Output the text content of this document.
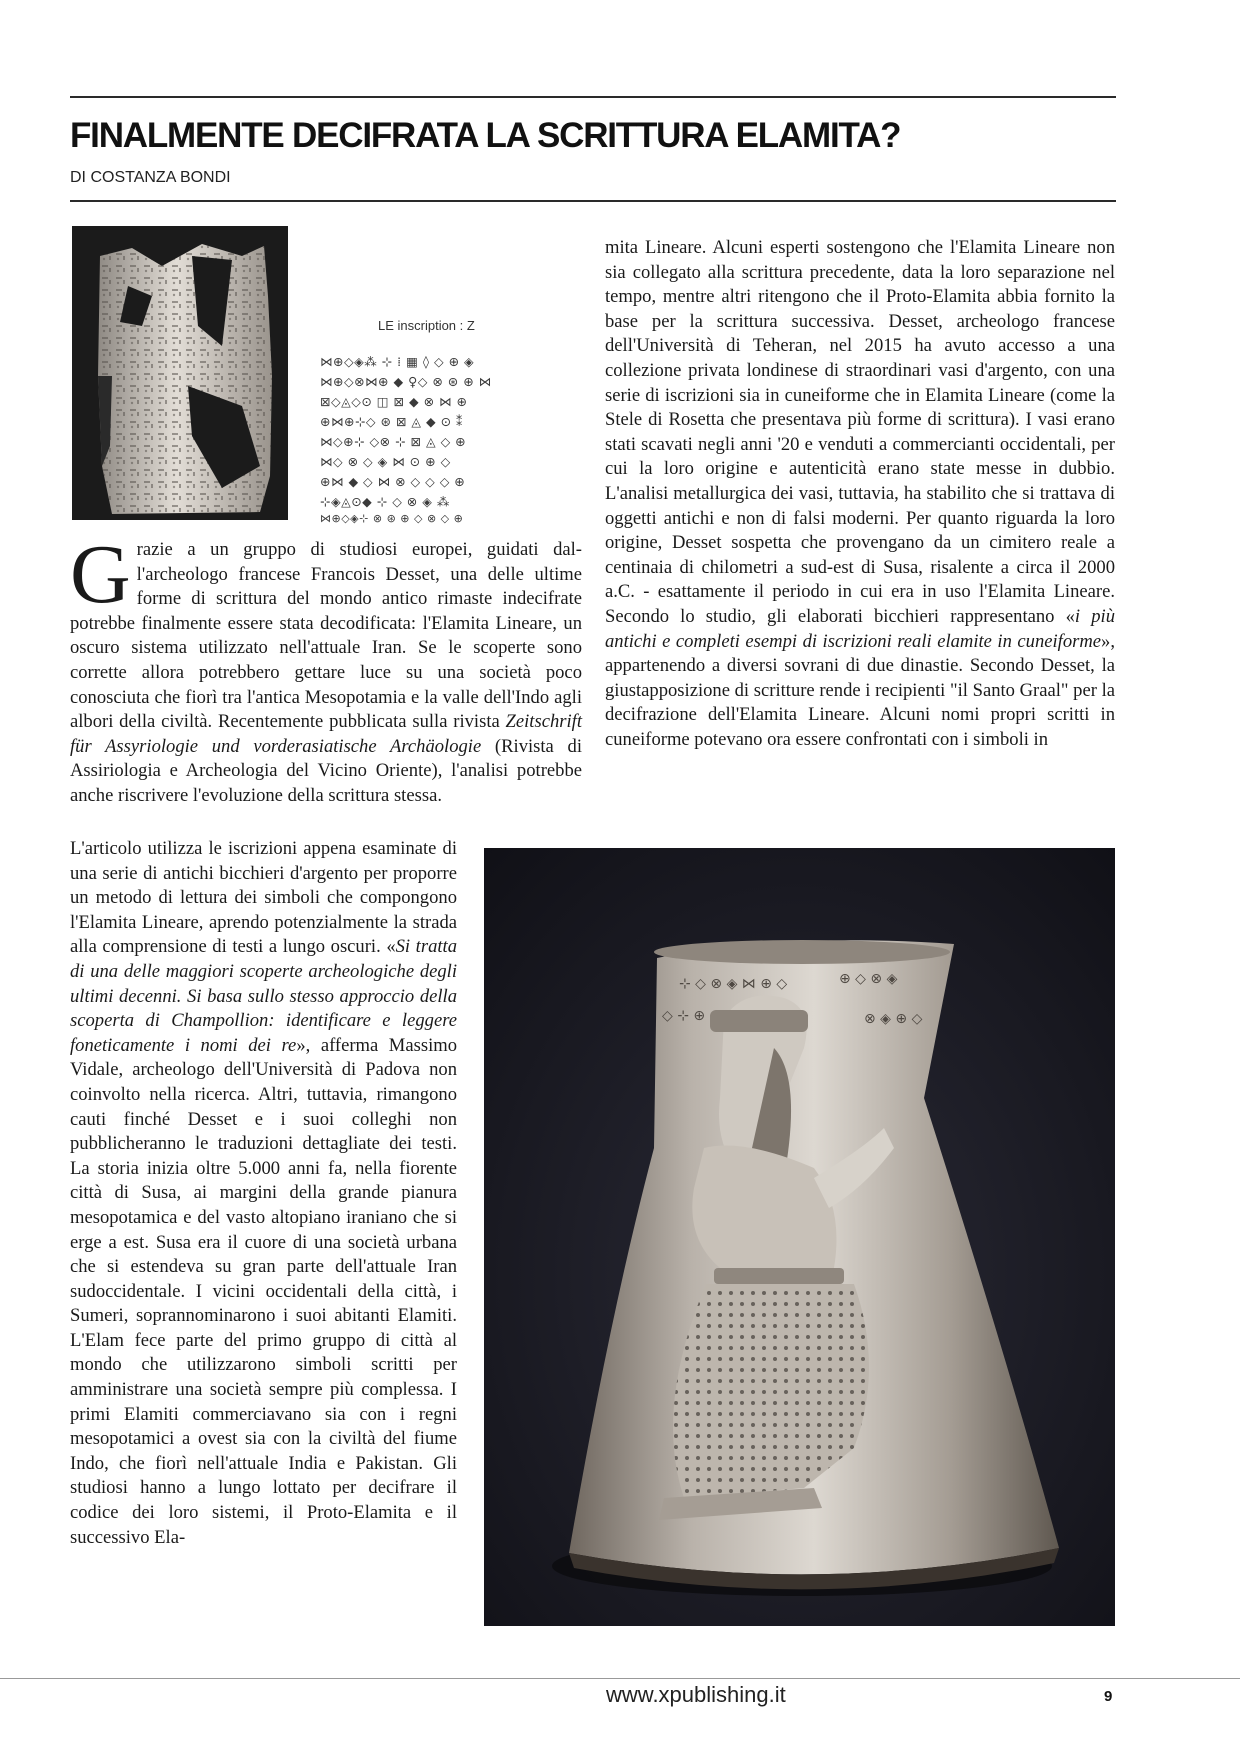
FINALMENTE DECIFRATA LA SCRITTURA ELAMITA?
DI COSTANZA BONDI
LE inscription : Z
⋈⊕◇◈⁂ ⊹ ⁞ ▦ ◊ ◇ ⊕ ◈
⋈⊕◇⊗⋈⊕ ◆ ♀◇ ⊗ ⊛ ⊕ ⋈
⊠◇◬◇⊙ ◫ ⊠ ◆ ⊗ ⋈ ⊕
⊕⋈⊕⊹◇ ⊛ ⊠ ◬ ◆ ⊙ ⁑
⋈◇⊕⊹ ◇⊗ ⊹ ⊠ ◬ ◇ ⊕
⋈◇ ⊗ ◇ ◈ ⋈ ⊙ ⊕ ◇
⊕⋈ ◆ ◇ ⋈ ⊗ ◇ ◇ ◇ ⊕
⊹◈◬⊙◆ ⊹ ◇ ⊗ ◈ ⁂
⋈⊕◇◈⊹ ⊗ ⊛ ⊕ ◇ ⊗ ◇ ⊕

Grazie a un gruppo di studiosi europei, guidati dal-l'archeologo francese Francois Desset, una delle ultime forme di scrittura del mondo antico rimaste indecifrate potrebbe finalmente essere stata decodificata: l'Elamita Lineare, un oscuro sistema utilizzato nell'attuale Iran. Se le scoperte sono corrette allora potrebbero gettare luce su una società poco conosciuta che fiorì tra l'antica Mesopotamia e la valle dell'Indo agli albori della civiltà. Recentemente pubblicata sulla rivista Zeitschrift für Assyriologie und vorderasiatische Archäologie (Rivista di Assiriologia e Archeologia del Vicino Oriente), l'analisi potrebbe anche riscrivere l'evoluzione della scrittura stessa.

L'articolo utilizza le iscrizioni appena esaminate di una serie di antichi bicchieri d'argento per proporre un metodo di lettura dei simboli che compongono l'Elamita Lineare, aprendo potenzialmente la strada alla comprensione di testi a lungo oscuri. «Si tratta di una delle maggiori scoperte archeologiche degli ultimi decenni. Si basa sullo stesso approccio della scoperta di Champollion: identificare e leggere foneticamente i nomi dei re», afferma Massimo Vidale, archeologo dell'Università di Padova non coinvolto nella ricerca. Altri, tuttavia, rimangono cauti finché Desset e i suoi colleghi non pubblicheranno le traduzioni dettagliate dei testi. La storia inizia oltre 5.000 anni fa, nella fiorente città di Susa, ai margini della grande pianura mesopotamica e del vasto altopiano iraniano che si erge a est. Susa era il cuore di una società urbana che si estendeva su gran parte dell'attuale Iran sudoccidentale. I vicini occidentali della città, i Sumeri, soprannominarono i suoi abitanti Elamiti. L'Elam fece parte del primo gruppo di città al mondo che utilizzarono simboli scritti per amministrare una società sempre più complessa. I primi Elamiti commerciavano sia con i regni mesopotamici a ovest sia con la civiltà del fiume Indo, che fiorì nell'attuale India e Pakistan. Gli studiosi hanno a lungo lottato per decifrare il codice dei loro sistemi, il Proto-Elamita e il successivo Ela-

mita Lineare. Alcuni esperti sostengono che l'Elamita Lineare non sia collegato alla scrittura precedente, data la loro separazione nel tempo, mentre altri ritengono che il Proto-Elamita abbia fornito la base per la scrittura successiva. Desset, archeologo francese dell'Università di Teheran, nel 2015 ha avuto accesso a una collezione privata londinese di straordinari vasi d'argento, con una serie di iscrizioni sia in cuneiforme che in Elamita Lineare (come la Stele di Rosetta che presentava più forme di scrittura). I vasi erano stati scavati negli anni '20 e venduti a commercianti occidentali, per cui la loro origine e autenticità erano state messe in dubbio. L'analisi metallurgica dei vasi, tuttavia, ha stabilito che si trattava di oggetti antichi e non di falsi moderni. Per quanto riguarda la loro origine, Desset sospetta che provengano da un cimitero reale a centinaia di chilometri a sud-est di Susa, risalente a circa il 2000 a.C. - esattamente il periodo in cui era in uso l'Elamita Lineare. Secondo lo studio, gli elaborati bicchieri rappresentano «i più antichi e completi esempi di iscrizioni reali elamite in cuneiforme», appartenendo a diversi sovrani di due dinastie. Secondo Desset, la giustapposizione di scritture rende i recipienti "il Santo Graal" per la decifrazione dell'Elamita Lineare. Alcuni nomi propri scritti in cuneiforme potevano ora essere confrontati con i simboli in

⊹ ◇ ⊗ ◈ ⋈ ⊕ ◇	⊕ ◇ ⊗ ◈
◇ ⊹ ⊕	⊗ ◈ ⊕ ◇
www.xpublishing.it	9
